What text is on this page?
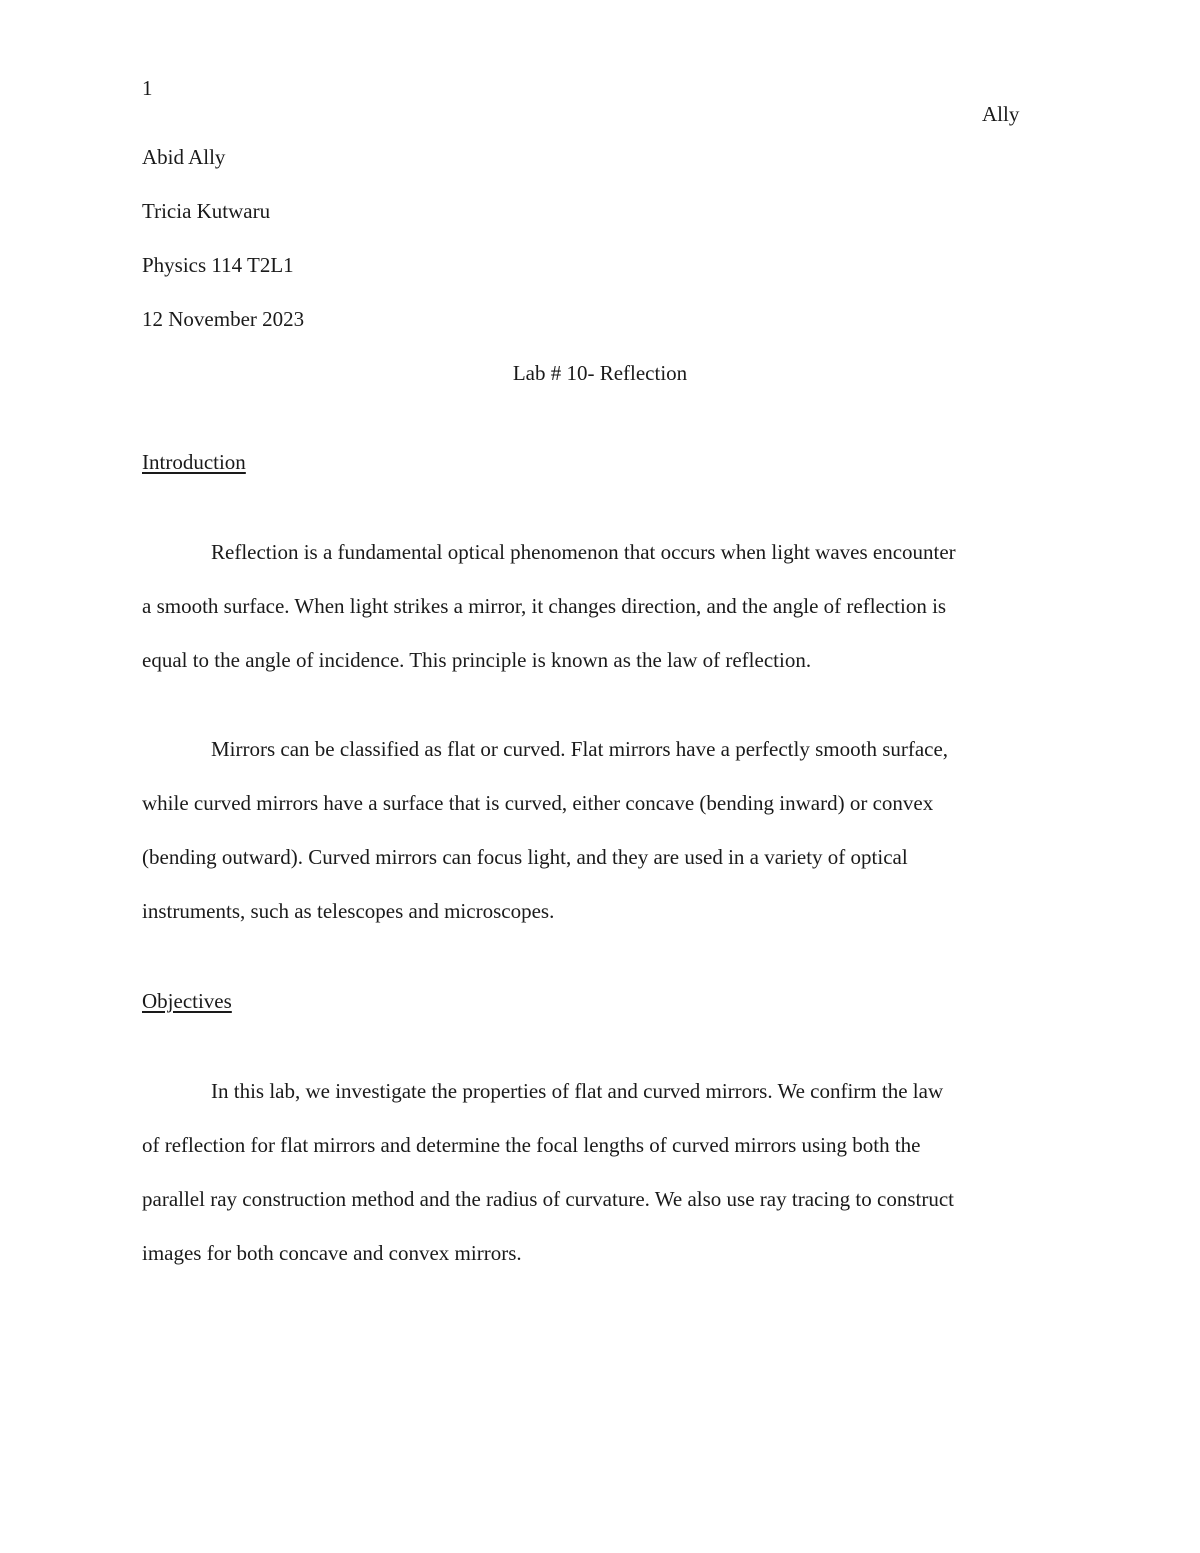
1
Ally
Abid Ally
Tricia Kutwaru
Physics 114 T2L1
12 November 2023
Lab # 10- Reflection
Introduction
Reflection is a fundamental optical phenomenon that occurs when light waves encounter
a smooth surface. When light strikes a mirror, it changes direction, and the angle of reflection is
equal to the angle of incidence. This principle is known as the law of reflection.
Mirrors can be classified as flat or curved. Flat mirrors have a perfectly smooth surface,
while curved mirrors have a surface that is curved, either concave (bending inward) or convex
(bending outward). Curved mirrors can focus light, and they are used in a variety of optical
instruments, such as telescopes and microscopes.
Objectives
In this lab, we investigate the properties of flat and curved mirrors. We confirm the law
of reflection for flat mirrors and determine the focal lengths of curved mirrors using both the
parallel ray construction method and the radius of curvature. We also use ray tracing to construct
images for both concave and convex mirrors.
